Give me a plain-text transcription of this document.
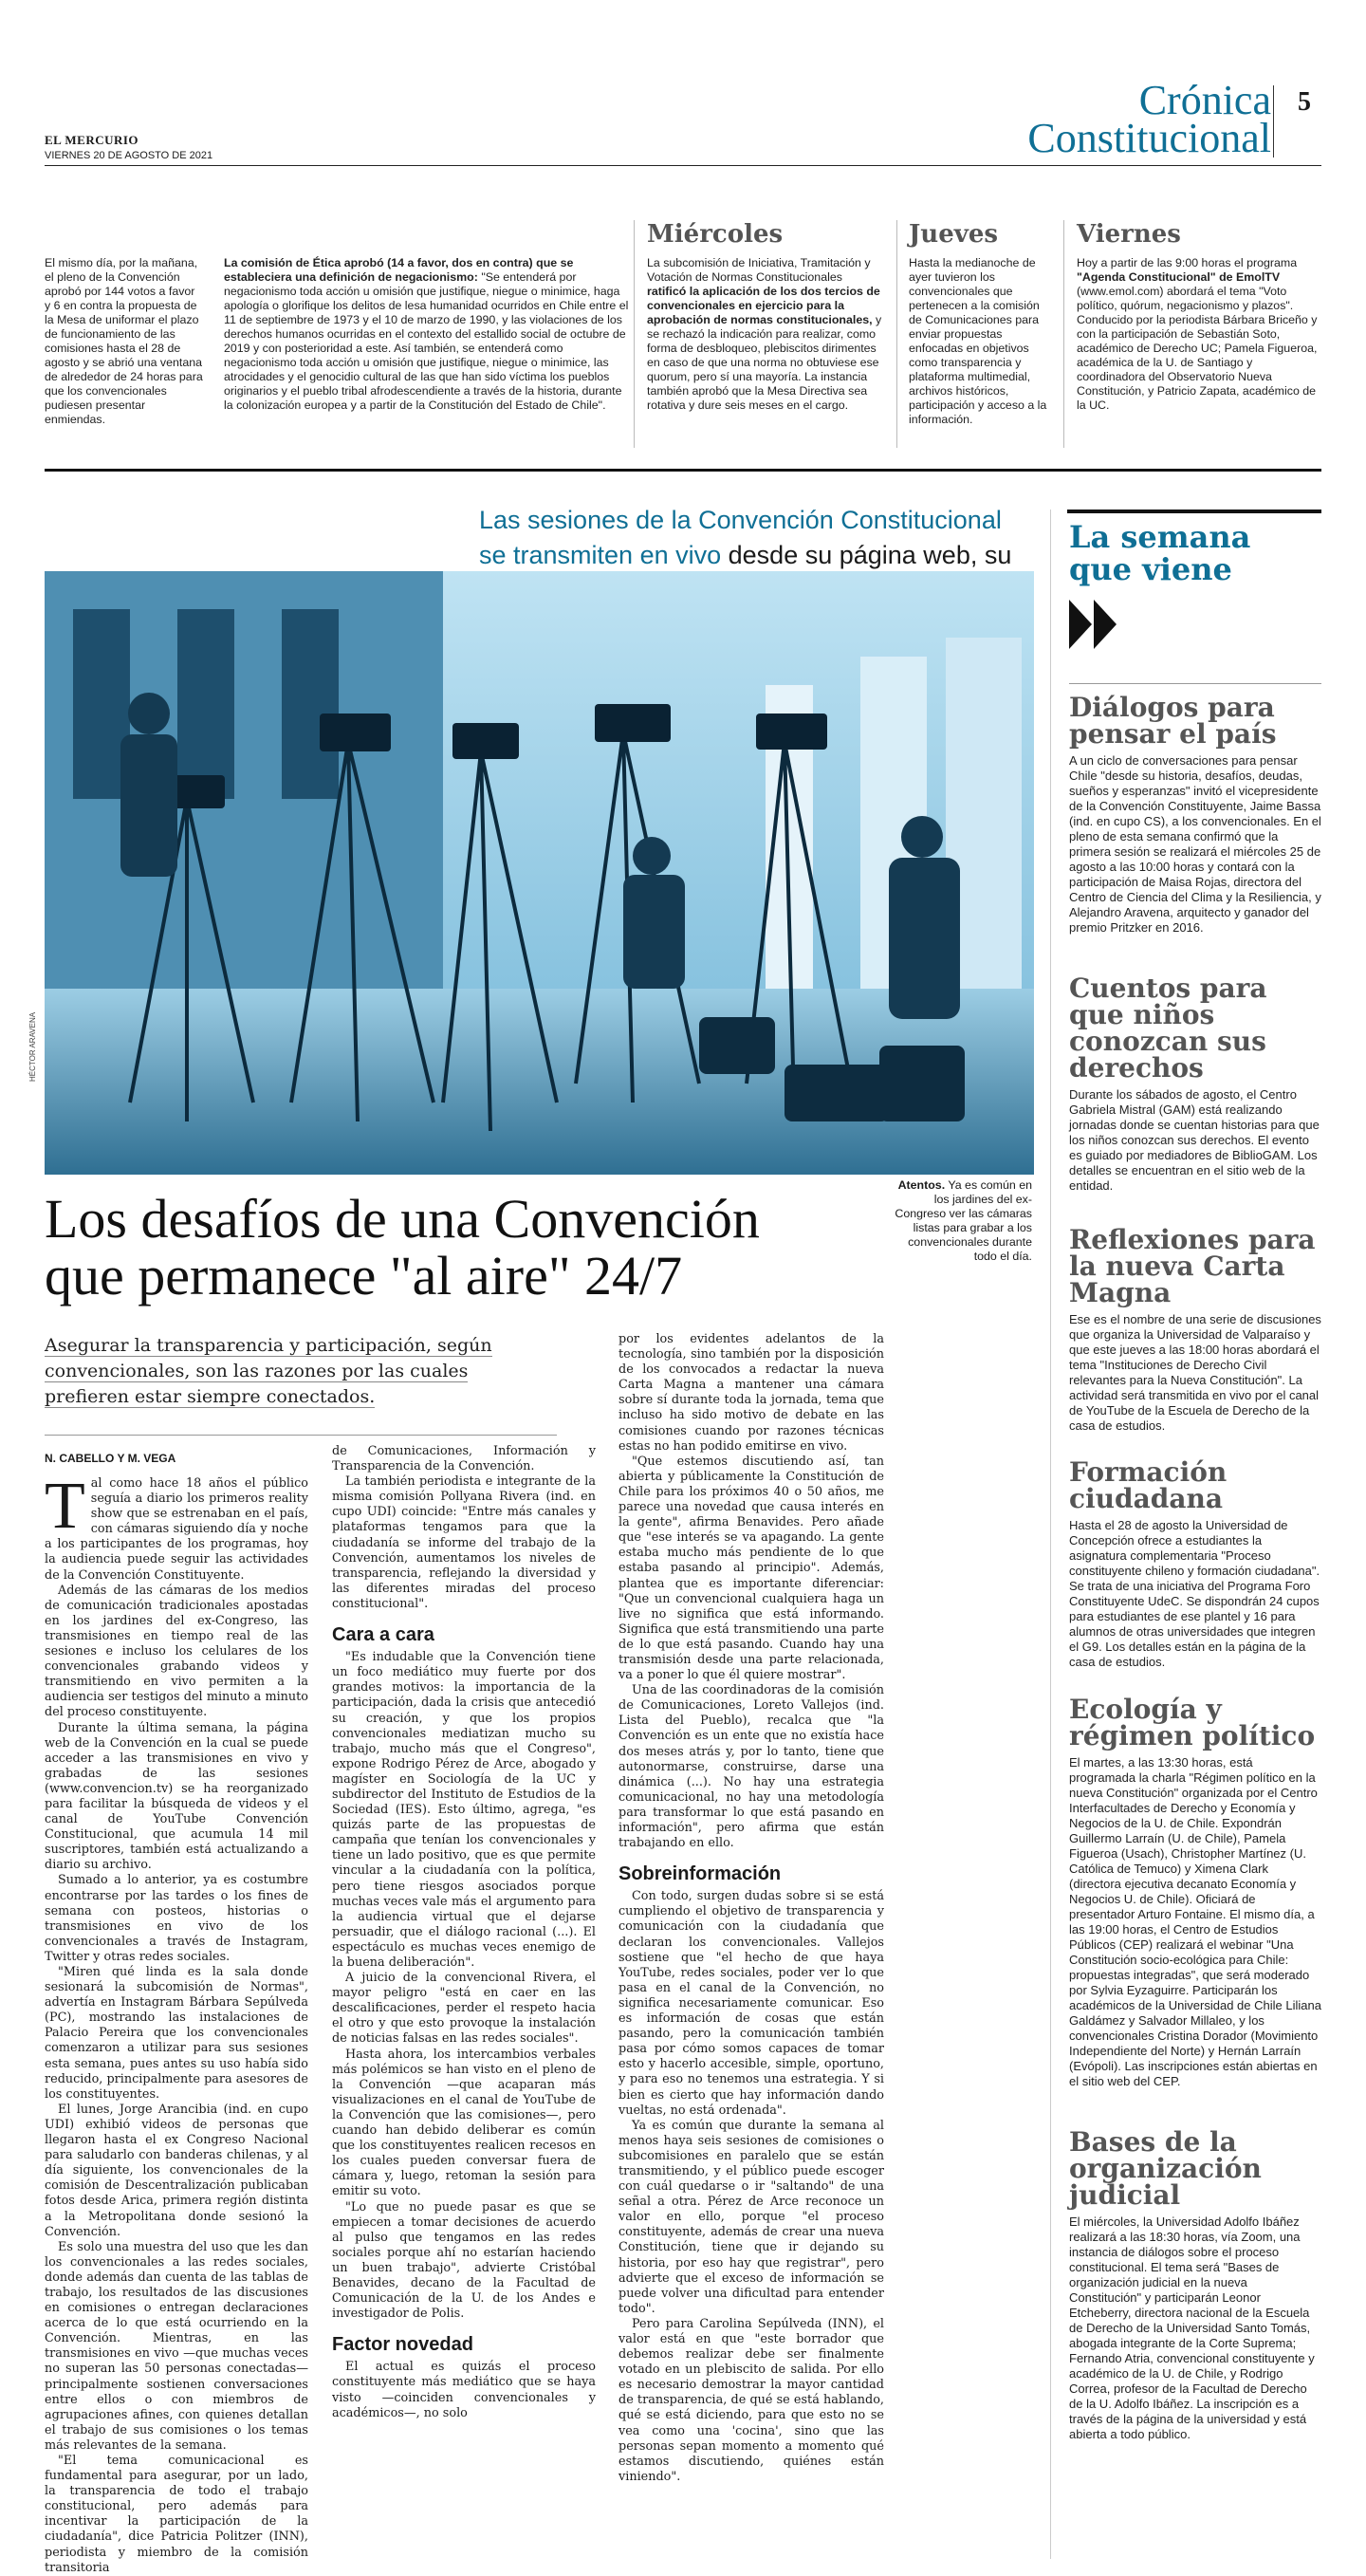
EL MERCURIO
VIERNES 20 DE AGOSTO DE 2021
Crónica
Constitucional
5
El mismo día, por la mañana, el pleno de la Convención aprobó por 144 votos a favor y 6 en contra la propuesta de la Mesa de uniformar el plazo de funcionamiento de las comisiones hasta el 28 de agosto y se abrió una ventana de alrededor de 24 horas para que los convencionales pudiesen presentar enmiendas.
La comisión de Ética aprobó (14 a favor, dos en contra) que se estableciera una definición de negacionismo: "Se entenderá por negacionismo toda acción u omisión que justifique, niegue o minimice, haga apología o glorifique los delitos de lesa humanidad ocurridos en Chile entre el 11 de septiembre de 1973 y el 10 de marzo de 1990, y las violaciones de los derechos humanos ocurridas en el contexto del estallido social de octubre de 2019 y con posterioridad a este. Así también, se entenderá como negacionismo toda acción u omisión que justifique, niegue o minimice, las atrocidades y el genocidio cultural de las que han sido víctima los pueblos originarios y el pueblo tribal afrodescendiente a través de la historia, durante la colonización europea y a partir de la Constitución del Estado de Chile".
Miércoles
La subcomisión de Iniciativa, Tramitación y Votación de Normas Constitucionales ratificó la aplicación de los dos tercios de convencionales en ejercicio para la aprobación de normas constitucionales, y se rechazó la indicación para realizar, como forma de desbloqueo, plebiscitos dirimentes en caso de que una norma no obtuviese ese quorum, pero sí una mayoría. La instancia también aprobó que la Mesa Directiva sea rotativa y dure seis meses en el cargo.
Jueves
Hasta la medianoche de ayer tuvieron los convencionales que pertenecen a la comisión de Comunicaciones para enviar propuestas enfocadas en objetivos como transparencia y plataforma multimedial, archivos históricos, participación y acceso a la información.
Viernes
Hoy a partir de las 9:00 horas el programa "Agenda Constitucional" de EmolTV (www.emol.com) abordará el tema "Voto político, quórum, negacionismo y plazos". Conducido por la periodista Bárbara Briceño y con la participación de Sebastián Soto, académico de Derecho UC; Pamela Figueroa, académica de la U. de Santiago y coordinadora del Observatorio Nueva Constitución, y Patricio Zapata, académico de la UC.
Las sesiones de la Convención Constitucional se transmiten en vivo desde su página web, su
HÉCTOR ARAVENA
Atentos. Ya es común en los jardines del ex-Congreso ver las cámaras listas para grabar a los convencionales durante todo el día.
Los desafíos de una Convención
que permanece "al aire" 24/7
Asegurar la transparencia y participación, según convencionales, son las razones por las cuales prefieren estar siempre conectados.
N. CABELLO Y M. VEGA
T al como hace 18 años el público seguía a diario los primeros reality show que se estrenaban en el país, con cámaras siguiendo día y noche a los participantes de los programas, hoy la audiencia puede seguir las actividades de la Convención Constituyente.

Además de las cámaras de los medios de comunicación tradicionales apostadas en los jardines del ex-Congreso, las transmisiones en tiempo real de las sesiones e incluso los celulares de los convencionales grabando videos y transmitiendo en vivo permiten a la audiencia ser testigos del minuto a minuto del proceso constituyente.

Durante la última semana, la página web de la Convención en la cual se puede acceder a las transmisiones en vivo y grabadas de las sesiones (www.convencion.tv) se ha reorganizado para facilitar la búsqueda de videos y el canal de YouTube Convención Constitucional, que acumula 14 mil suscriptores, también está actualizando a diario su archivo.

Sumado a lo anterior, ya es costumbre encontrarse por las tardes o los fines de semana con posteos, historias o transmisiones en vivo de los convencionales a través de Instagram, Twitter y otras redes sociales.

"Miren qué linda es la sala donde sesionará la subcomisión de Normas", advertía en Instagram Bárbara Sepúlveda (PC), mostrando las instalaciones de Palacio Pereira que los convencionales comenzaron a utilizar para sus sesiones esta semana, pues antes su uso había sido reducido, principalmente para asesores de los constituyentes.

El lunes, Jorge Arancibia (ind. en cupo UDI) exhibió videos de personas que llegaron hasta el ex Congreso Nacional para saludarlo con banderas chilenas, y al día siguiente, los convencionales de la comisión de Descentralización publicaban fotos desde Arica, primera región distinta a la Metropolitana donde sesionó la Convención.

Es solo una muestra del uso que les dan los convencionales a las redes sociales, donde además dan cuenta de las tablas de trabajo, los resultados de las discusiones en comisiones o entregan declaraciones acerca de lo que está ocurriendo en la Convención. Mientras, en las transmisiones en vivo —que muchas veces no superan las 50 personas conectadas— principalmente sostienen conversaciones entre ellos o con miembros de agrupaciones afines, con quienes detallan el trabajo de sus comisiones o los temas más relevantes de la semana.

"El tema comunicacional es fundamental para asegurar, por un lado, la transparencia de todo el trabajo constitucional, pero además para incentivar la participación de la ciudadanía", dice Patricia Politzer (INN), periodista y miembro de la comisión transitoria

de Comunicaciones, Información y Transparencia de la Convención.

La también periodista e integrante de la misma comisión Pollyana Rivera (ind. en cupo UDI) coincide: "Entre más canales y plataformas tengamos para que la ciudadanía se informe del trabajo de la Convención, aumentamos los niveles de transparencia, reflejando la diversidad y las diferentes miradas del proceso constitucional".

Cara a cara

"Es indudable que la Convención tiene un foco mediático muy fuerte por dos grandes motivos: la importancia de la participación, dada la crisis que antecedió su creación, y que los propios convencionales mediatizan mucho su trabajo, mucho más que el Congreso", expone Rodrigo Pérez de Arce, abogado y magíster en Sociología de la UC y subdirector del Instituto de Estudios de la Sociedad (IES). Esto último, agrega, "es quizás parte de las propuestas de campaña que tenían los convencionales y tiene un lado positivo, que es que permite vincular a la ciudadanía con la política, pero tiene riesgos asociados porque muchas veces vale más el argumento para la audiencia virtual que el dejarse persuadir, que el diálogo racional (...). El espectáculo es muchas veces enemigo de la buena deliberación".

A juicio de la convencional Rivera, el mayor peligro "está en caer en las descalificaciones, perder el respeto hacia el otro y que esto provoque la instalación de noticias falsas en las redes sociales".

Hasta ahora, los intercambios verbales más polémicos se han visto en el pleno de la Convención —que acaparan más visualizaciones en el canal de YouTube de la Convención que las comisiones—, pero cuando han debido deliberar es común que los constituyentes realicen recesos en los cuales pueden conversar fuera de cámara y, luego, retoman la sesión para emitir su voto.

"Lo que no puede pasar es que se empiecen a tomar decisiones de acuerdo al pulso que tengamos en las redes sociales porque ahí no estarían haciendo un buen trabajo", advierte Cristóbal Benavides, decano de la Facultad de Comunicación de la U. de los Andes e investigador de Polis.

Factor novedad

El actual es quizás el proceso constituyente más mediático que se haya visto —coinciden convencionales y académicos—, no solo

por los evidentes adelantos de la tecnología, sino también por la disposición de los convocados a redactar la nueva Carta Magna a mantener una cámara sobre sí durante toda la jornada, tema que incluso ha sido motivo de debate en las comisiones cuando por razones técnicas estas no han podido emitirse en vivo.

"Que estemos discutiendo así, tan abierta y públicamente la Constitución de Chile para los próximos 40 o 50 años, me parece una novedad que causa interés en la gente", afirma Benavides. Pero añade que "ese interés se va apagando. La gente estaba mucho más pendiente de lo que estaba pasando al principio". Además, plantea que es importante diferenciar: "Que un convencional cualquiera haga un live no significa que está informando. Significa que está transmitiendo una parte de lo que está pasando. Cuando hay una transmisión desde una parte relacionada, va a poner lo que él quiere mostrar".

Una de las coordinadoras de la comisión de Comunicaciones, Loreto Vallejos (ind. Lista del Pueblo), recalca que "la Convención es un ente que no existía hace dos meses atrás y, por lo tanto, tiene que autonormarse, construirse, darse una dinámica (...). No hay una estrategia comunicacional, no hay una metodología para transformar lo que está pasando en información", pero afirma que están trabajando en ello.

Sobreinformación

Con todo, surgen dudas sobre si se está cumpliendo el objetivo de transparencia y comunicación con la ciudadanía que declaran los convencionales. Vallejos sostiene que "el hecho de que haya YouTube, redes sociales, poder ver lo que pasa en el canal de la Convención, no significa necesariamente comunicar. Eso es información de cosas que están pasando, pero la comunicación también pasa por cómo somos capaces de tomar esto y hacerlo accesible, simple, oportuno, y para eso no tenemos una estrategia. Y si bien es cierto que hay información dando vueltas, no está ordenada".

Ya es común que durante la semana al menos haya seis sesiones de comisiones o subcomisiones en paralelo que se están transmitiendo, y el público puede escoger con cuál quedarse o ir "saltando" de una señal a otra. Pérez de Arce reconoce un valor en ello, porque "el proceso constituyente, además de crear una nueva Constitución, tiene que ir dejando su historia, por eso hay que registrar", pero advierte que el exceso de información se puede volver una dificultad para entender todo".

Pero para Carolina Sepúlveda (INN), el valor está en que "este borrador que debemos realizar debe ser finalmente votado en un plebiscito de salida. Por ello es necesario demostrar la mayor cantidad de transparencia, de qué se está hablando, qué se está diciendo, para que esto no se vea como una 'cocina', sino que las personas sepan momento a momento qué estamos discutiendo, quiénes están viniendo".

La semana
que viene
Diálogos para pensar el país

A un ciclo de conversaciones para pensar Chile "desde su historia, desafíos, deudas, sueños y esperanzas" invitó el vicepresidente de la Convención Constituyente, Jaime Bassa (ind. en cupo CS), a los convencionales. En el pleno de esta semana confirmó que la primera sesión se realizará el miércoles 25 de agosto a las 10:00 horas y contará con la participación de Maisa Rojas, directora del Centro de Ciencia del Clima y la Resiliencia, y Alejandro Aravena, arquitecto y ganador del premio Pritzker en 2016.

Cuentos para que niños conozcan sus derechos

Durante los sábados de agosto, el Centro Gabriela Mistral (GAM) está realizando jornadas donde se cuentan historias para que los niños conozcan sus derechos. El evento es guiado por mediadores de BiblioGAM. Los detalles se encuentran en el sitio web de la entidad.

Reflexiones para la nueva Carta Magna

Ese es el nombre de una serie de discusiones que organiza la Universidad de Valparaíso y que este jueves a las 18:00 horas abordará el tema "Instituciones de Derecho Civil relevantes para la Nueva Constitución". La actividad será transmitida en vivo por el canal de YouTube de la Escuela de Derecho de la casa de estudios.

Formación ciudadana

Hasta el 28 de agosto la Universidad de Concepción ofrece a estudiantes la asignatura complementaria "Proceso constituyente chileno y formación ciudadana". Se trata de una iniciativa del Programa Foro Constituyente UdeC. Se dispondrán 24 cupos para estudiantes de ese plantel y 16 para alumnos de otras universidades que integren el G9. Los detalles están en la página de la casa de estudios.

Ecología y régimen político

El martes, a las 13:30 horas, está programada la charla "Régimen político en la nueva Constitución" organizada por el Centro Interfacultades de Derecho y Economía y Negocios de la U. de Chile. Expondrán Guillermo Larraín (U. de Chile), Pamela Figueroa (Usach), Christopher Martínez (U. Católica de Temuco) y Ximena Clark (directora ejecutiva decanato Economía y Negocios U. de Chile). Oficiará de presentador Arturo Fontaine. El mismo día, a las 19:00 horas, el Centro de Estudios Públicos (CEP) realizará el webinar "Una Constitución socio-ecológica para Chile: propuestas integradas", que será moderado por Sylvia Eyzaguirre. Participarán los académicos de la Universidad de Chile Liliana Galdámez y Salvador Millaleo, y los convencionales Cristina Dorador (Movimiento Independiente del Norte) y Hernán Larraín (Evópoli). Las inscripciones están abiertas en el sitio web del CEP.

Bases de la organización judicial

El miércoles, la Universidad Adolfo Ibáñez realizará a las 18:30 horas, vía Zoom, una instancia de diálogos sobre el proceso constitucional. El tema será "Bases de organización judicial en la nueva Constitución" y participarán Leonor Etcheberry, directora nacional de la Escuela de Derecho de la Universidad Santo Tomás, abogada integrante de la Corte Suprema; Fernando Atria, convencional constituyente y académico de la U. de Chile, y Rodrigo Correa, profesor de la Facultad de Derecho de la U. Adolfo Ibáñez. La inscripción es a través de la página de la universidad y está abierta a todo público.
